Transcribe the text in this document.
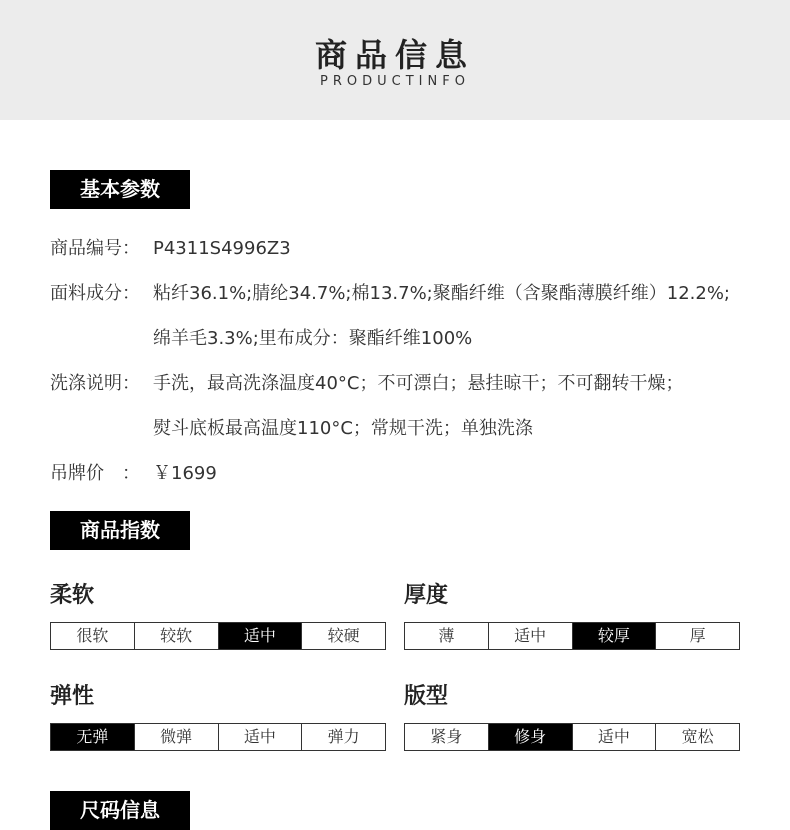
商品信息
PRODUCTINFO
基本参数
商品编号： P4311S4996Z3
面料成分： 粘纤36.1%;腈纶34.7%;棉13.7%;聚酯纤维（含聚酯薄膜纤维）12.2%;
绵羊毛3.3%;里布成分：聚酯纤维100%
洗涤说明： 手洗，最高洗涤温度40°C；不可漂白；悬挂晾干；不可翻转干燥；
熨斗底板最高温度110°C；常规干洗；单独洗涤
吊牌价　： ￥1699
商品指数
柔软
很软	较软	适中	较硬
厚度
薄	适中	较厚	厚
弹性
无弹	微弹	适中	弹力
版型
紧身	修身	适中	宽松
尺码信息
